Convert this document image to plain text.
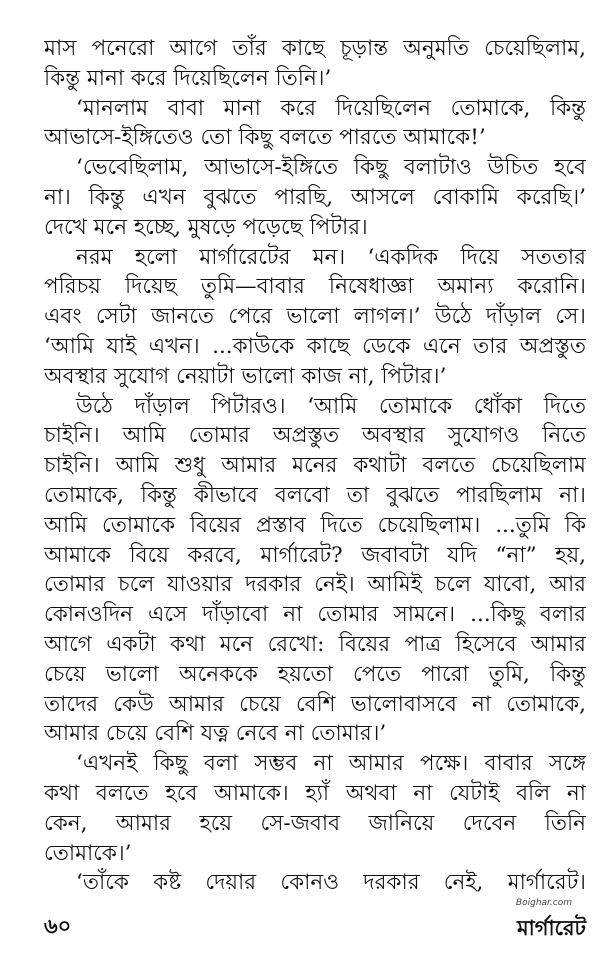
মাস পনেরো আগে তাঁর কাছে চূড়ান্ত অনুমতি চেয়েছিলাম,
কিন্তু মানা করে দিয়েছিলেন তিনি।’
‘মানলাম বাবা মানা করে দিয়েছিলেন তোমাকে, কিন্তু
আভাসে-ইঙ্গিতেও তো কিছু বলতে পারতে আমাকে!’
‘ভেবেছিলাম, আভাসে-ইঙ্গিতে কিছু বলাটাও উচিত হবে
না। কিন্তু এখন বুঝতে পারছি, আসলে বোকামি করেছি।’
দেখে মনে হচ্ছে, মুষড়ে পড়েছে পিটার।
নরম হলো মার্গারেটের মন। ‘একদিক দিয়ে সততার
পরিচয় দিয়েছ তুমি—বাবার নিষেধাজ্ঞা অমান্য করোনি।
এবং সেটা জানতে পেরে ভালো লাগল।’ উঠে দাঁড়াল সে।
‘আমি যাই এখন। ...কাউকে কাছে ডেকে এনে তার অপ্রস্তুত
অবস্থার সুযোগ নেয়াটা ভালো কাজ না, পিটার।’
উঠে দাঁড়াল পিটারও। ‘আমি তোমাকে ধোঁকা দিতে
চাইনি। আমি তোমার অপ্রস্তুত অবস্থার সুযোগও নিতে
চাইনি। আমি শুধু আমার মনের কথাটা বলতে চেয়েছিলাম
তোমাকে, কিন্তু কীভাবে বলবো তা বুঝতে পারছিলাম না।
আমি তোমাকে বিয়ের প্রস্তাব দিতে চেয়েছিলাম। ...তুমি কি
আমাকে বিয়ে করবে, মার্গারেট? জবাবটা যদি “না” হয়,
তোমার চলে যাওয়ার দরকার নেই। আমিই চলে যাবো, আর
কোনওদিন এসে দাঁড়াবো না তোমার সামনে। ...কিছু বলার
আগে একটা কথা মনে রেখো: বিয়ের পাত্র হিসেবে আমার
চেয়ে ভালো অনেককে হয়তো পেতে পারো তুমি, কিন্তু
তাদের কেউ আমার চেয়ে বেশি ভালোবাসবে না তোমাকে,
আমার চেয়ে বেশি যত্ন নেবে না তোমার।’
‘এখনই কিছু বলা সম্ভব না আমার পক্ষে। বাবার সঙ্গে
কথা বলতে হবে আমাকে। হ্যাঁ অথবা না যেটাই বলি না
কেন, আমার হয়ে সে-জবাব জানিয়ে দেবেন তিনি
তোমাকে।’
‘তাঁকে কষ্ট দেয়ার কোনও দরকার নেই, মার্গারেট।
৬০
Boighar.com
মার্গারেট
